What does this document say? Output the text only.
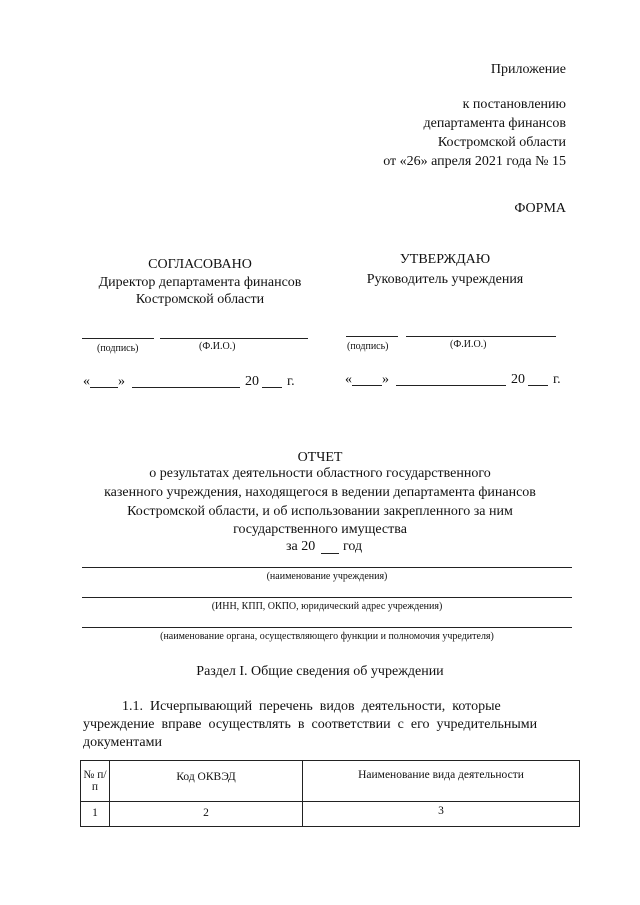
Приложение
к постановлению
департамента финансов
Костромской области
от «26» апреля 2021 года № 15
ФОРМА
СОГЛАСОВАНО
Директор департамента финансов
Костромской области
(подпись)	(Ф.И.О.)
« »	20 г.
УТВЕРЖДАЮ
Руководитель учреждения
(подпись)	(Ф.И.О.)
« »	20 г.
ОТЧЕТ
о результатах деятельности областного государственного
казенного учреждения, находящегося в ведении департамента финансов
Костромской области, и об использовании закрепленного за ним
государственного имущества
за 20 год
(наименование учреждения)
(ИНН, КПП, ОКПО, юридический адрес учреждения)
(наименование органа, осуществляющего функции и полномочия учредителя)
Раздел I. Общие сведения об учреждении
1.1.  Исчерпывающий  перечень  видов  деятельности,  которые
учреждение  вправе  осуществлять  в  соответствии  с  его  учредительными
документами
№ п/п	Код ОКВЭД	Наименование вида деятельности
1	2	3
